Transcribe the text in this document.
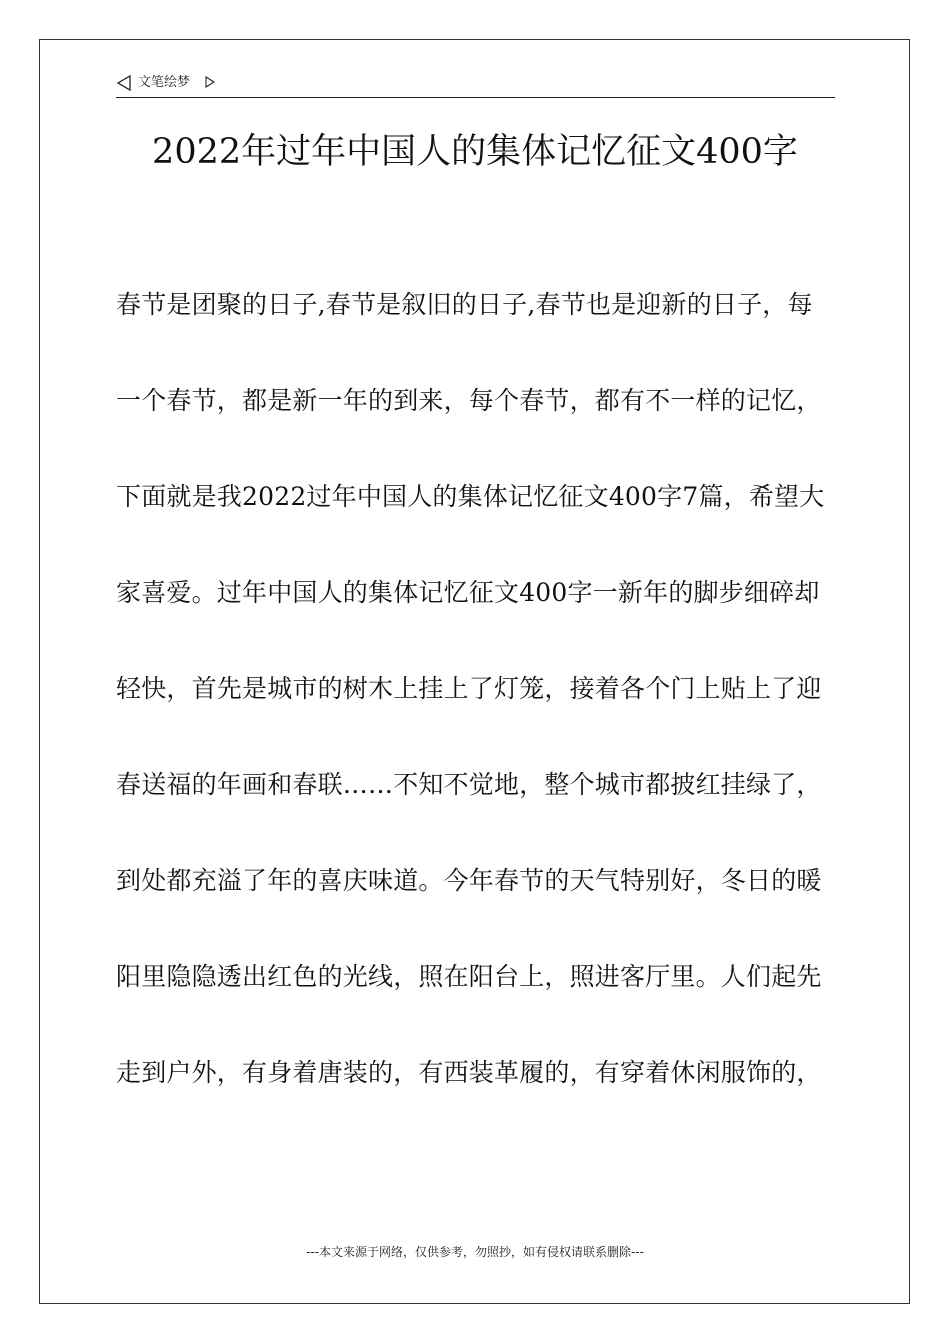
文笔绘梦
2022年过年中国人的集体记忆征文400字
春节是团聚的日子,春节是叙旧的日子,春节也是迎新的日子，每
一个春节，都是新一年的到来，每个春节，都有不一样的记忆，
下面就是我2022过年中国人的集体记忆征文400字7篇，希望大
家喜爱。过年中国人的集体记忆征文400字一新年的脚步细碎却
轻快，首先是城市的树木上挂上了灯笼，接着各个门上贴上了迎
春送福的年画和春联……不知不觉地，整个城市都披红挂绿了，
到处都充溢了年的喜庆味道。今年春节的天气特别好，冬日的暖
阳里隐隐透出红色的光线，照在阳台上，照进客厅里。人们起先
走到户外，有身着唐装的，有西装革履的，有穿着休闲服饰的，
---本文来源于网络，仅供参考，勿照抄，如有侵权请联系删除---
